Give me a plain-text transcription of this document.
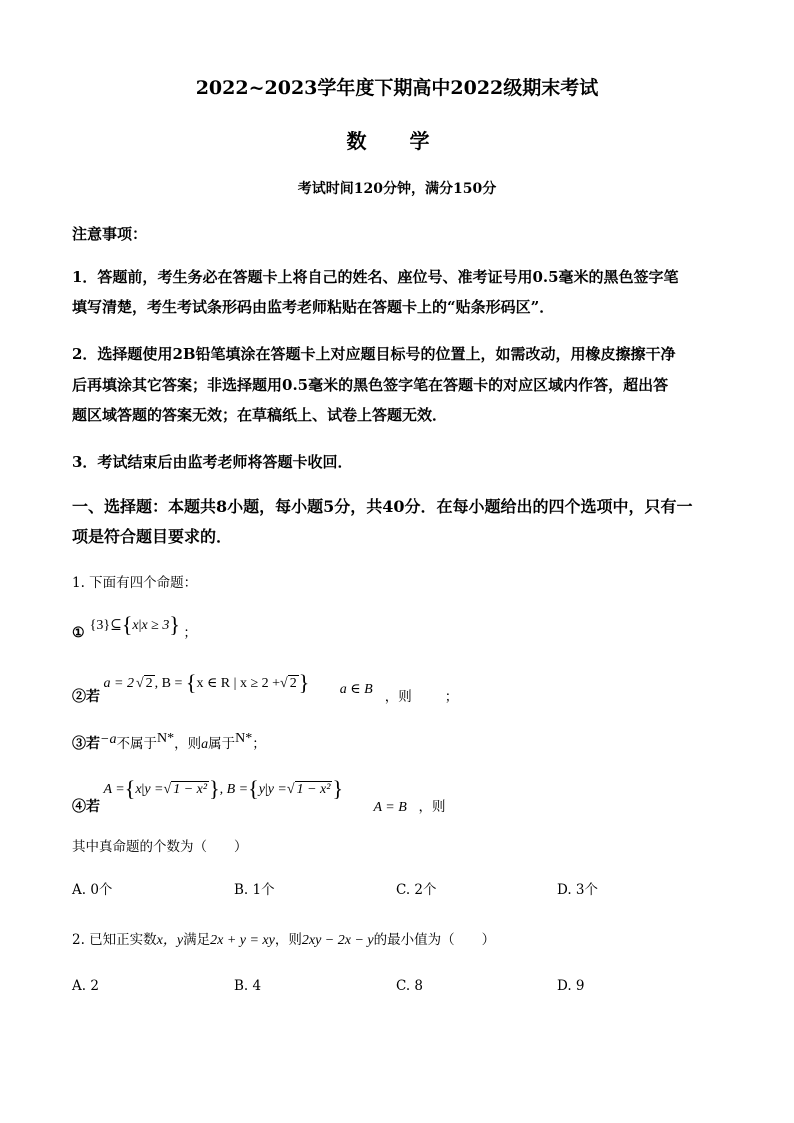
2022~2023学年度下期高中2022级期末考试
数 学
考试时间120分钟，满分150分
注意事项：
1．答题前，考生务必在答题卡上将自己的姓名、座位号、准考证号用0.5毫米的黑色签字笔
填写清楚，考生考试条形码由监考老师粘贴在答题卡上的“贴条形码区”．
2．选择题使用2B铅笔填涂在答题卡上对应题目标号的位置上，如需改动，用橡皮擦擦干净
后再填涂其它答案；非选择题用0.5毫米的黑色签字笔在答题卡的对应区域内作答，超出答
题区域答题的答案无效；在草稿纸上、试卷上答题无效．
3．考试结束后由监考老师将答题卡收回．
一、选择题：本题共8小题，每小题5分，共40分．在每小题给出的四个选项中，只有一
项是符合题目要求的．
1. 下面有四个命题：
① {3}⊆{x|x ≥ 3} ；
②若 a = 2 √ 2 , B = {x ∈ R | x ≥ 2 +√ 2} $_{,则}$a ∈ B	$_;$
③若−a不属于N*，则a属于N*；
④若 A ={x|y =√ 1 − x²}, B ={y|y =√ 1 − x²} $_{,则}$A = B
其中真命题的个数为（　　）
A. 0个	B. 1个	C. 2个	D. 3个
2. 已知正实数x，y满足2x + y = xy，则2xy − 2x − y的最小值为（　　）
A. 2	B. 4	C. 8	D. 9
